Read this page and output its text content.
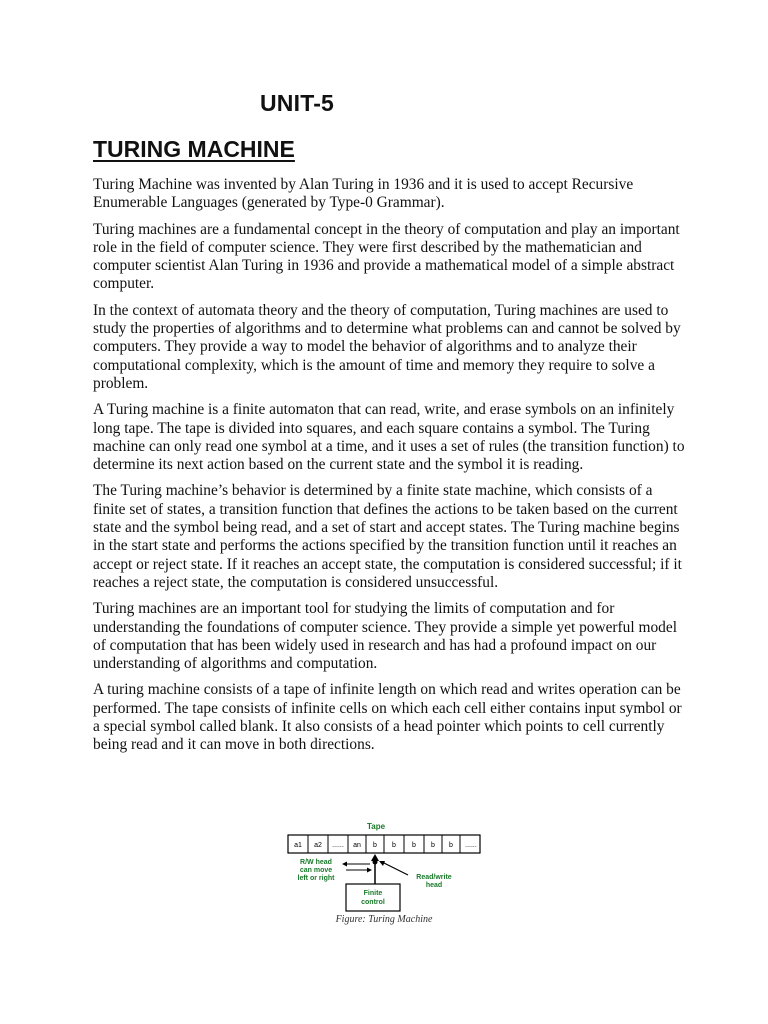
UNIT-5
TURING MACHINE

Turing Machine was invented by Alan Turing in 1936 and it is used to accept Recursive Enumerable Languages (generated by Type-0 Grammar).

Turing machines are a fundamental concept in the theory of computation and play an important role in the field of computer science. They were first described by the mathematician and computer scientist Alan Turing in 1936 and provide a mathematical model of a simple abstract computer.

In the context of automata theory and the theory of computation, Turing machines are used to study the properties of algorithms and to determine what problems can and cannot be solved by computers. They provide a way to model the behavior of algorithms and to analyze their computational complexity, which is the amount of time and memory they require to solve a problem.

A Turing machine is a finite automaton that can read, write, and erase symbols on an infinitely long tape. The tape is divided into squares, and each square contains a symbol. The Turing machine can only read one symbol at a time, and it uses a set of rules (the transition function) to determine its next action based on the current state and the symbol it is reading.

The Turing machine’s behavior is determined by a finite state machine, which consists of a finite set of states, a transition function that defines the actions to be taken based on the current state and the symbol being read, and a set of start and accept states. The Turing machine begins in the start state and performs the actions specified by the transition function until it reaches an accept or reject state. If it reaches an accept state, the computation is considered successful; if it reaches a reject state, the computation is considered unsuccessful.

Turing machines are an important tool for studying the limits of computation and for understanding the foundations of computer science. They provide a simple yet powerful model of computation that has been widely used in research and has had a profound impact on our understanding of algorithms and computation.

A turing machine consists of a tape of infinite length on which read and writes operation can be performed. The tape consists of infinite cells on which each cell either contains input symbol or a special symbol called blank. It also consists of a head pointer which points to cell currently being read and it can move in both directions.

Tape
a1 a2 ...... an b b b b b ......
R/W head
can move
left or right	Read/write
head
Finite
control
Figure: Turing Machine
